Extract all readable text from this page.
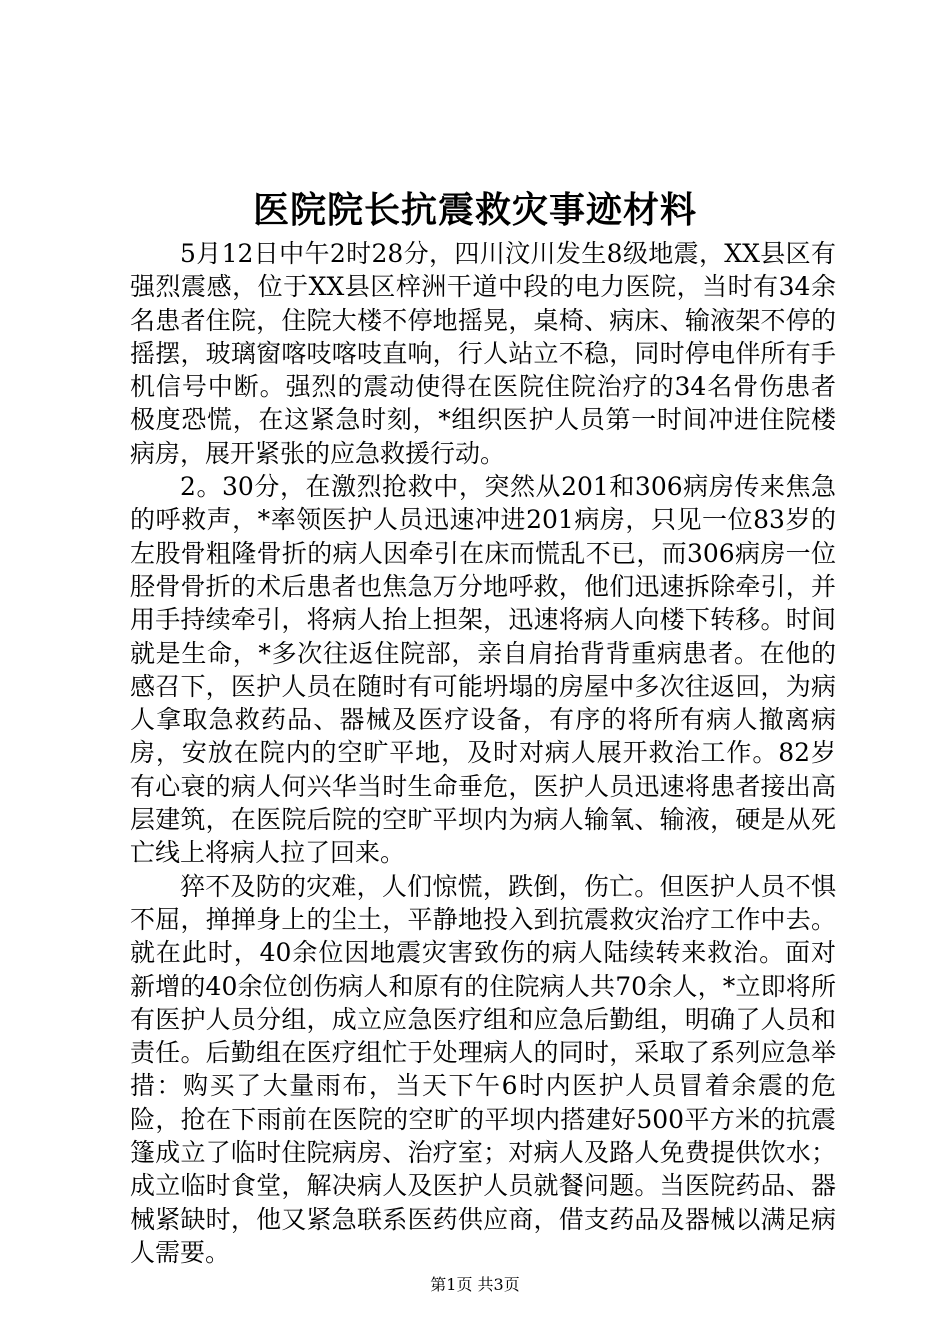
医院院长抗震救灾事迹材料

5月12日中午2时28分，四川汶川发生8级地震，XX县区有强烈震感，位于XX县区梓洲干道中段的电力医院，当时有34余名患者住院，住院大楼不停地摇晃，桌椅、病床、输液架不停的摇摆，玻璃窗喀吱喀吱直响，行人站立不稳，同时停电伴所有手机信号中断。强烈的震动使得在医院住院治疗的34名骨伤患者极度恐慌，在这紧急时刻，*组织医护人员第一时间冲进住院楼病房，展开紧张的应急救援行动。

2。30分，在激烈抢救中，突然从201和306病房传来焦急的呼救声，*率领医护人员迅速冲进201病房，只见一位83岁的左股骨粗隆骨折的病人因牵引在床而慌乱不已，而306病房一位胫骨骨折的术后患者也焦急万分地呼救，他们迅速拆除牵引，并用手持续牵引，将病人抬上担架，迅速将病人向楼下转移。时间就是生命，*多次往返住院部，亲自肩抬背背重病患者。在他的感召下，医护人员在随时有可能坍塌的房屋中多次往返回，为病人拿取急救药品、器械及医疗设备，有序的将所有病人撤离病房，安放在院内的空旷平地，及时对病人展开救治工作。82岁有心衰的病人何兴华当时生命垂危，医护人员迅速将患者接出高层建筑，在医院后院的空旷平坝内为病人输氧、输液，硬是从死亡线上将病人拉了回来。

猝不及防的灾难，人们惊慌，跌倒，伤亡。但医护人员不惧不屈，掸掸身上的尘土，平静地投入到抗震救灾治疗工作中去。就在此时，40余位因地震灾害致伤的病人陆续转来救治。面对新增的40余位创伤病人和原有的住院病人共70余人，*立即将所有医护人员分组，成立应急医疗组和应急后勤组，明确了人员和责任。后勤组在医疗组忙于处理病人的同时，采取了系列应急举措：购买了大量雨布，当天下午6时内医护人员冒着余震的危险，抢在下雨前在医院的空旷的平坝内搭建好500平方米的抗震篷成立了临时住院病房、治疗室；对病人及路人免费提供饮水；成立临时食堂，解决病人及医护人员就餐问题。当医院药品、器械紧缺时，他又紧急联系医药供应商，借支药品及器械以满足病人需要。

第1页 共3页
